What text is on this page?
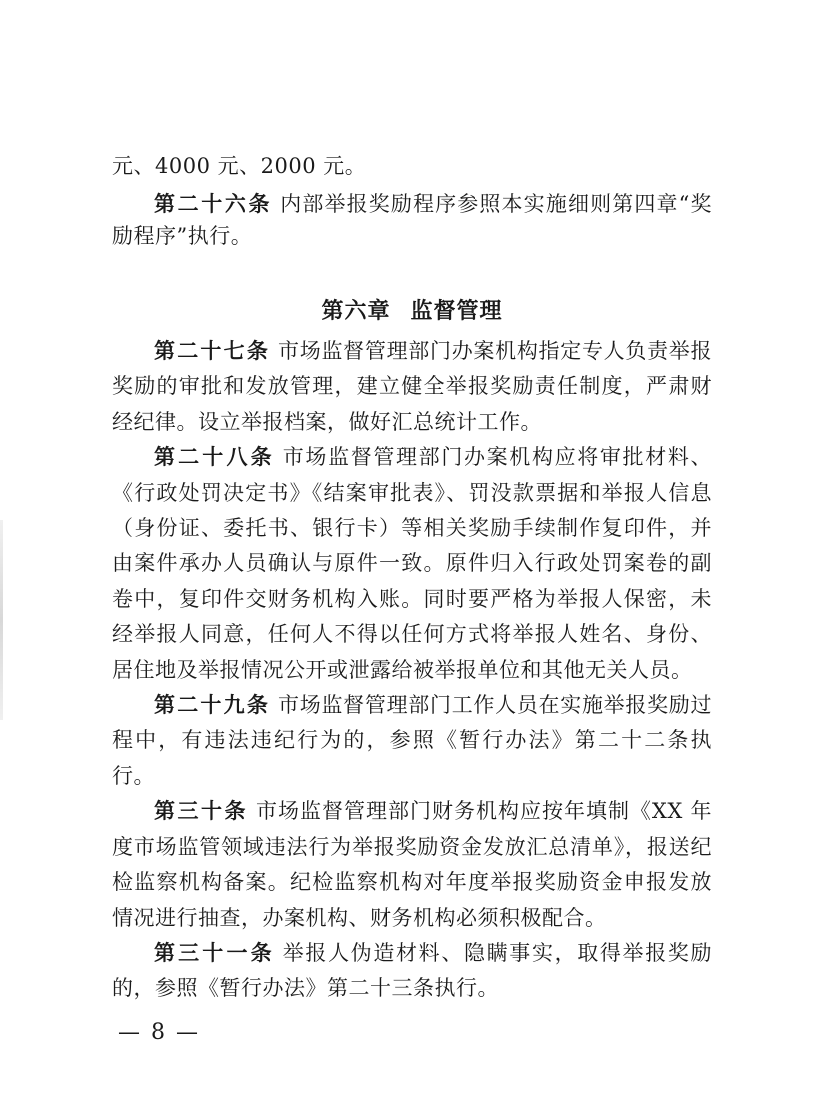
元、4000 元、2000 元。

第二十六条 内部举报奖励程序参照本实施细则第四章“奖励程序”执行。

第六章 监督管理

第二十七条 市场监督管理部门办案机构指定专人负责举报奖励的审批和发放管理，建立健全举报奖励责任制度，严肃财经纪律。设立举报档案，做好汇总统计工作。

第二十八条 市场监督管理部门办案机构应将审批材料、《行政处罚决定书》《结案审批表》、罚没款票据和举报人信息（身份证、委托书、银行卡）等相关奖励手续制作复印件，并由案件承办人员确认与原件一致。原件归入行政处罚案卷的副卷中，复印件交财务机构入账。同时要严格为举报人保密，未经举报人同意，任何人不得以任何方式将举报人姓名、身份、居住地及举报情况公开或泄露给被举报单位和其他无关人员。

第二十九条 市场监督管理部门工作人员在实施举报奖励过程中，有违法违纪行为的，参照《暂行办法》第二十二条执行。

第三十条 市场监督管理部门财务机构应按年填制《XX 年度市场监管领域违法行为举报奖励资金发放汇总清单》，报送纪检监察机构备案。纪检监察机构对年度举报奖励资金申报发放情况进行抽查，办案机构、财务机构必须积极配合。

第三十一条 举报人伪造材料、隐瞒事实，取得举报奖励的，参照《暂行办法》第二十三条执行。

— 8 —
